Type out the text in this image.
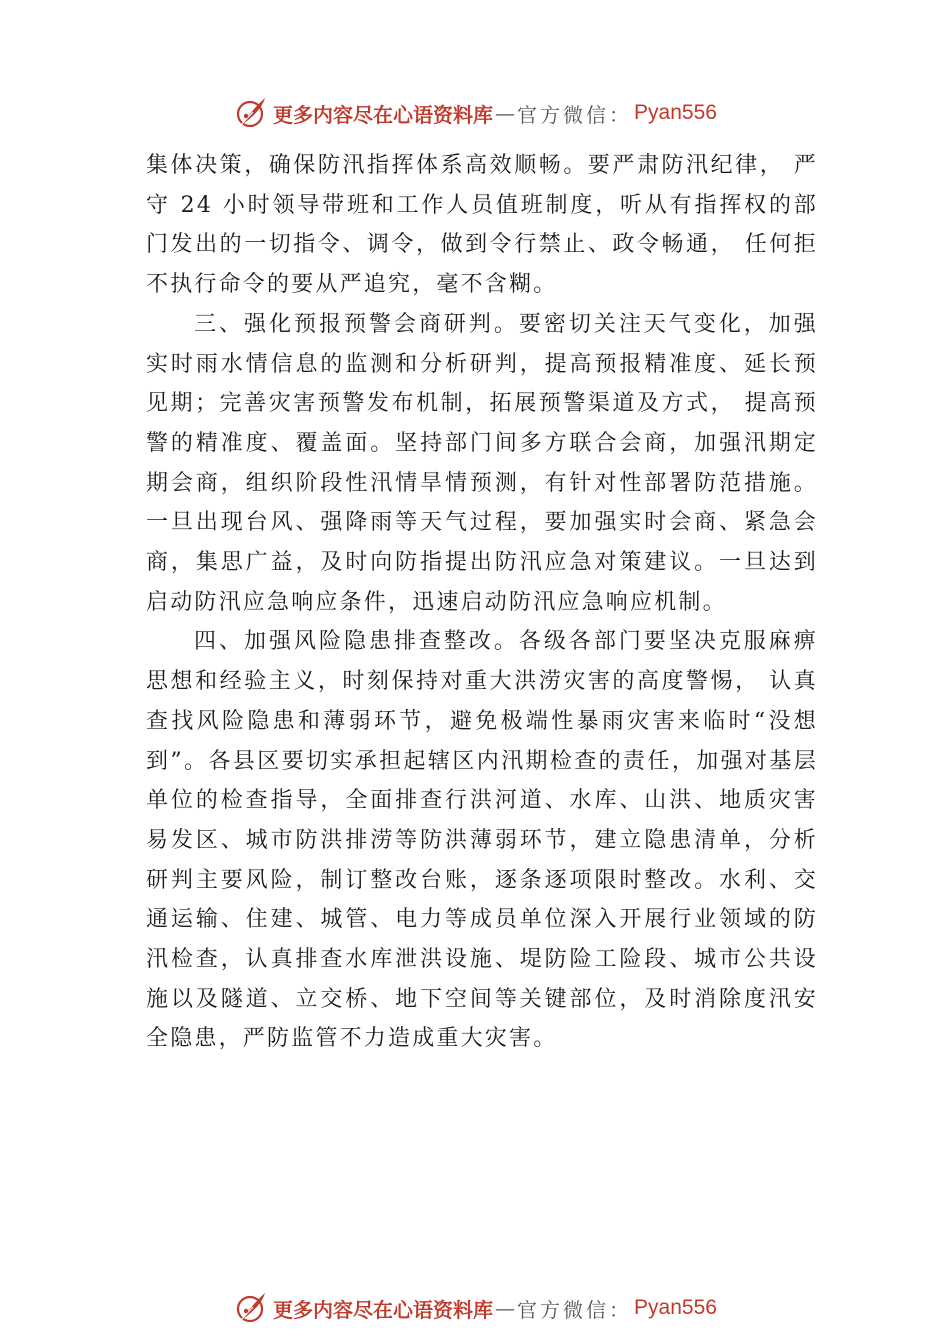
更多内容尽在心语资料库 — 官方微信： Pyan556

集体决策，确保防汛指挥体系高效顺畅。要严肃防汛纪律， 严守 24 小时领导带班和工作人员值班制度，听从有指挥权的部门发出的一切指令、调令，做到令行禁止、政令畅通， 任何拒不执行命令的要从严追究，毫不含糊。

三、强化预报预警会商研判。要密切关注天气变化，加强实时雨水情信息的监测和分析研判，提高预报精准度、延长预见期；完善灾害预警发布机制，拓展预警渠道及方式， 提高预警的精准度、覆盖面。坚持部门间多方联合会商，加强汛期定期会商，组织阶段性汛情旱情预测，有针对性部署防范措施。一旦出现台风、强降雨等天气过程，要加强实时会商、紧急会商，集思广益，及时向防指提出防汛应急对策建议。一旦达到启动防汛应急响应条件，迅速启动防汛应急响应机制。

四、加强风险隐患排查整改。各级各部门要坚决克服麻痹思想和经验主义，时刻保持对重大洪涝灾害的高度警惕， 认真查找风险隐患和薄弱环节，避免极端性暴雨灾害来临时“没想到”。各县区要切实承担起辖区内汛期检查的责任，加强对基层单位的检查指导，全面排查行洪河道、水库、山洪、地质灾害易发区、城市防洪排涝等防洪薄弱环节，建立隐患清单，分析研判主要风险，制订整改台账，逐条逐项限时整改。水利、交通运输、住建、城管、电力等成员单位深入开展行业领域的防汛检查，认真排查水库泄洪设施、堤防险工险段、城市公共设施以及隧道、立交桥、地下空间等关键部位，及时消除度汛安全隐患，严防监管不力造成重大灾害。

更多内容尽在心语资料库 — 官方微信： Pyan556
